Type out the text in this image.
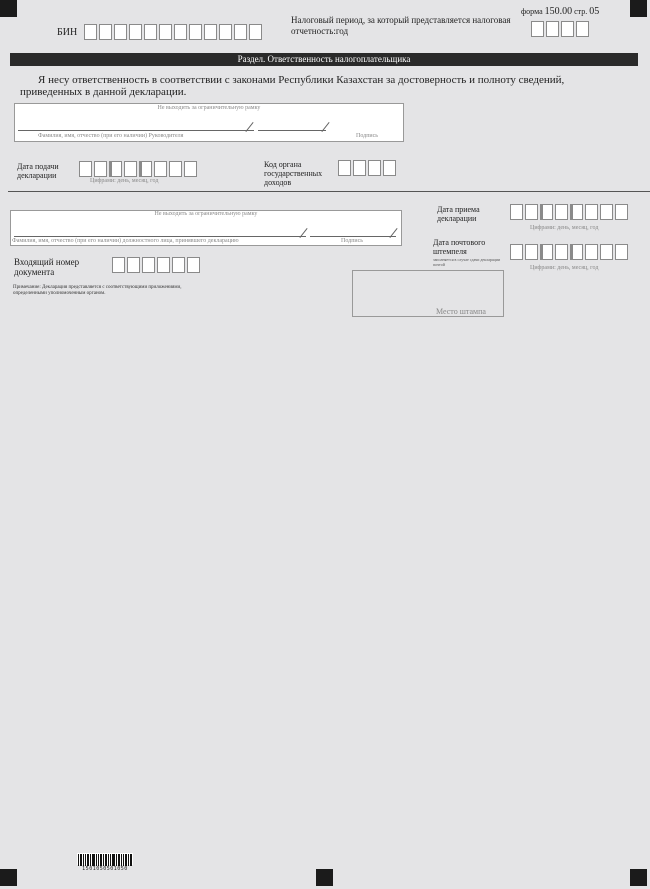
БИН

Налоговый период, за который представляется налоговая отчетность:год
форма 150.00 стр. 05
Раздел. Ответственность налогоплательщика
Я несу ответственность в соответствии с законами Республики Казахстан за достоверность и полноту сведений, приведенных в данной декларации.
Не выходить за ограничительную рамку
Фамилия, имя, отчество (при его наличии) Руководителя	Подпись
Дата подачи декларации

Цифрами: день, месяц, год
Код органа государственных доходов
Не выходить за ограничительную рамку
Фамилия, имя, отчество (при его наличии) должностного лица, принявшего декларацию	Подпись
Входящий номер документа

Примечание: Декларация представляется с соответствующими приложениями, определенными уполномоченным органом.
Дата приема декларации

Цифрами: день, месяц, год
Дата почтового штемпеля
заполняется в случае сдачи декларации почтой

Цифрами: день, месяц, год
Место штампа
1501050501050
